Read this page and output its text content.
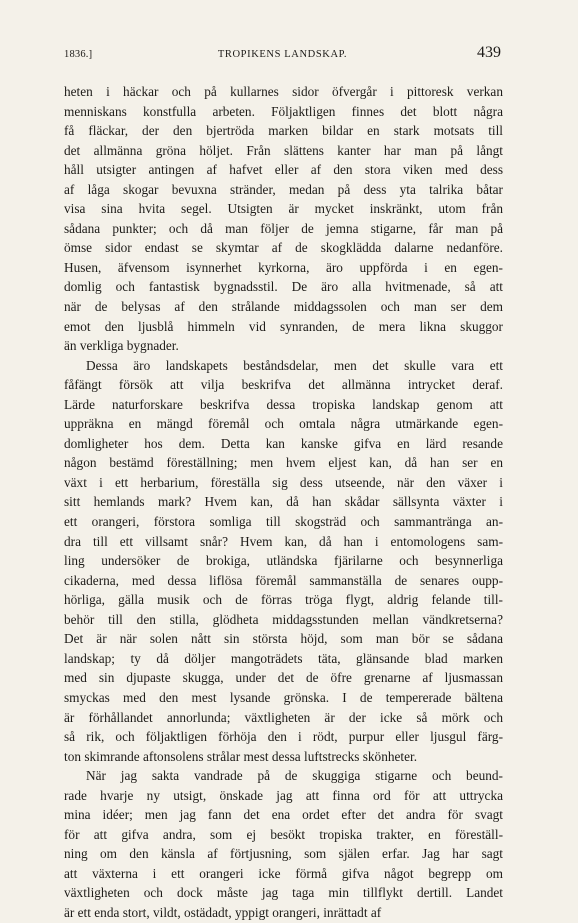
1836.]	TROPIKENS LANDSKAP.	439
heten i häckar och på kullarnes sidor öfvergår i pittoresk verkan
menniskans konstfulla arbeten. Följaktligen finnes det blott några
få fläckar, der den bjertröda marken bildar en stark motsats till
det allmänna gröna höljet. Från slättens kanter har man på långt
håll utsigter antingen af hafvet eller af den stora viken med dess
af låga skogar bevuxna stränder, medan på dess yta talrika båtar
visa sina hvita segel. Utsigten är mycket inskränkt, utom från
sådana punkter; och då man följer de jemna stigarne, får man på
ömse sidor endast se skymtar af de skogklädda dalarne nedanföre.
Husen, äfvensom isynnerhet kyrkorna, äro uppförda i en egen-
domlig och fantastisk bygnadsstil. De äro alla hvitmenade, så att
när de belysas af den strålande middagssolen och man ser dem
emot den ljusblå himmeln vid synranden, de mera likna skuggor
än verkliga bygnader.
Dessa äro landskapets beståndsdelar, men det skulle vara ett
fåfängt försök att vilja beskrifva det allmänna intrycket deraf.
Lärde naturforskare beskrifva dessa tropiska landskap genom att
uppräkna en mängd föremål och omtala några utmärkande egen-
domligheter hos dem. Detta kan kanske gifva en lärd resande
någon bestämd föreställning; men hvem eljest kan, då han ser en
växt i ett herbarium, föreställa sig dess utseende, när den växer i
sitt hemlands mark? Hvem kan, då han skådar sällsynta växter i
ett orangeri, förstora somliga till skogsträd och sammantränga an-
dra till ett villsamt snår? Hvem kan, då han i entomologens sam-
ling undersöker de brokiga, utländska fjärilarne och besynnerliga
cikaderna, med dessa liflösa föremål sammanställa de senares oupp-
hörliga, gälla musik och de förras tröga flygt, aldrig felande till-
behör till den stilla, glödheta middagsstunden mellan vändkretserna?
Det är när solen nått sin största höjd, som man bör se sådana
landskap; ty då döljer mangoträdets täta, glänsande blad marken
med sin djupaste skugga, under det de öfre grenarne af ljusmassan
smyckas med den mest lysande grönska. I de tempererade bältena
är förhållandet annorlunda; växtligheten är der icke så mörk och
så rik, och följaktligen förhöja den i rödt, purpur eller ljusgul färg-
ton skimrande aftonsolens strålar mest dessa luftstrecks skönheter.
När jag sakta vandrade på de skuggiga stigarne och beund-
rade hvarje ny utsigt, önskade jag att finna ord för att uttrycka
mina idéer; men jag fann det ena ordet efter det andra för svagt
för att gifva andra, som ej besökt tropiska trakter, en föreställ-
ning om den känsla af förtjusning, som själen erfar. Jag har sagt
att växterna i ett orangeri icke förmå gifva något begrepp om
växtligheten och dock måste jag taga min tillflykt dertill. Landet
är ett enda stort, vildt, ostädadt, yppigt orangeri, inrättadt af
